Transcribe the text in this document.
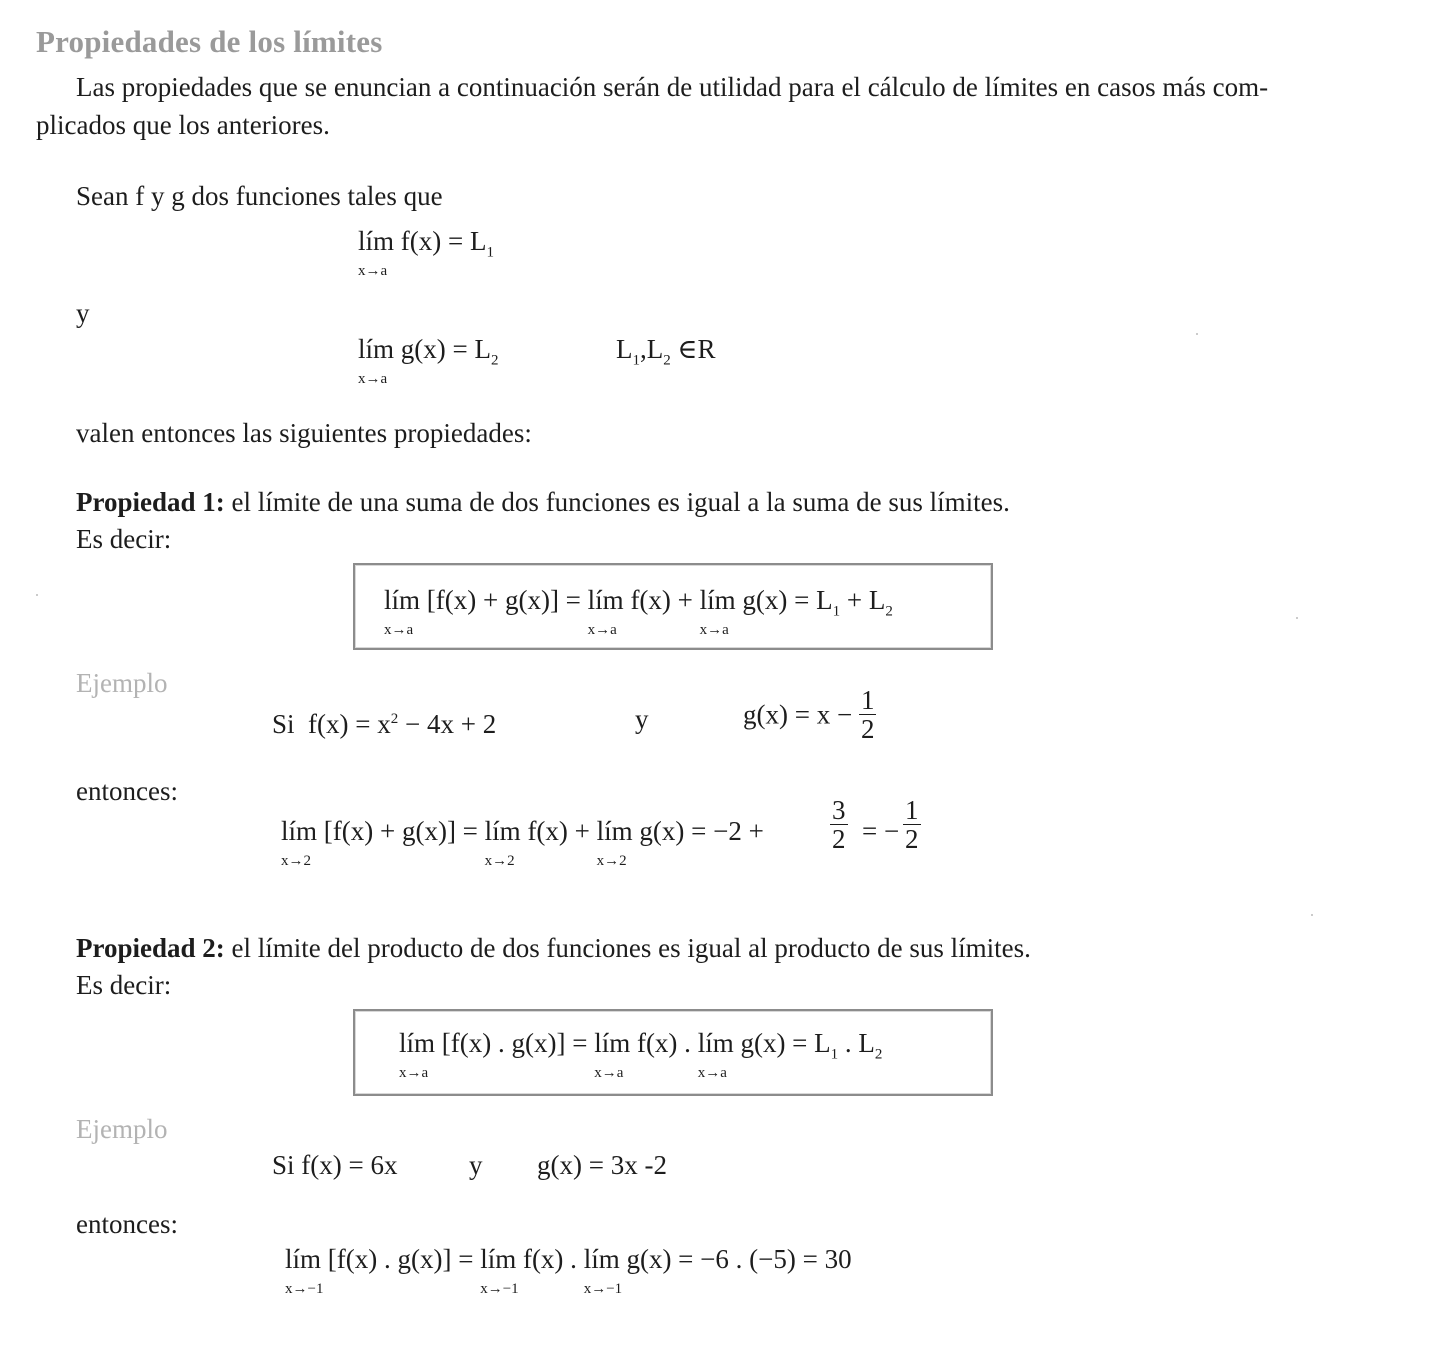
Propiedades de los límites
Las propiedades que se enuncian a continuación serán de utilidad para el cálculo de límites en casos más com-
plicados que los anteriores.
Sean f y g dos funciones tales que
lím
x→a
$f(x) = L_1$
y
lím
x→a
$g(x) = L_2$	$L_1,L_2$ ∈R
valen entonces las siguientes propiedades:
Propiedad 1: el límite de una suma de dos funciones es igual a la suma de sus límites.
Es decir:
lím
x→a
[f(x) + g(x)] = lím
x→a
f(x) + lím
x→a
$g(x) = L_1 + L_2$
Ejemplo
Si $f(x) = x^2 - 4x + 2$	y	$g(x) = x - \frac{1}{2}$
entonces:
lím
x→2
[f(x) + g(x)] = lím
x→2
f(x) + lím
x→2
$g(x) = -2 + \frac{3}{2}$ = − $\frac{1}{2}$
Propiedad 2: el límite del producto de dos funciones es igual al producto de sus límites.
Es decir:
lím
x→a
[f(x) . g(x)] = lím
x→a
f(x) . lím
x→a
$g(x) = L_1$ . $L_2$
Ejemplo
Si f(x) = 6x	y g(x) = 3x -2
entonces:
lím
x→−1
[f(x) . g(x)] = lím
x→−1
f(x) . lím
x→−1
g(x) = −6 . (−5) = 30
